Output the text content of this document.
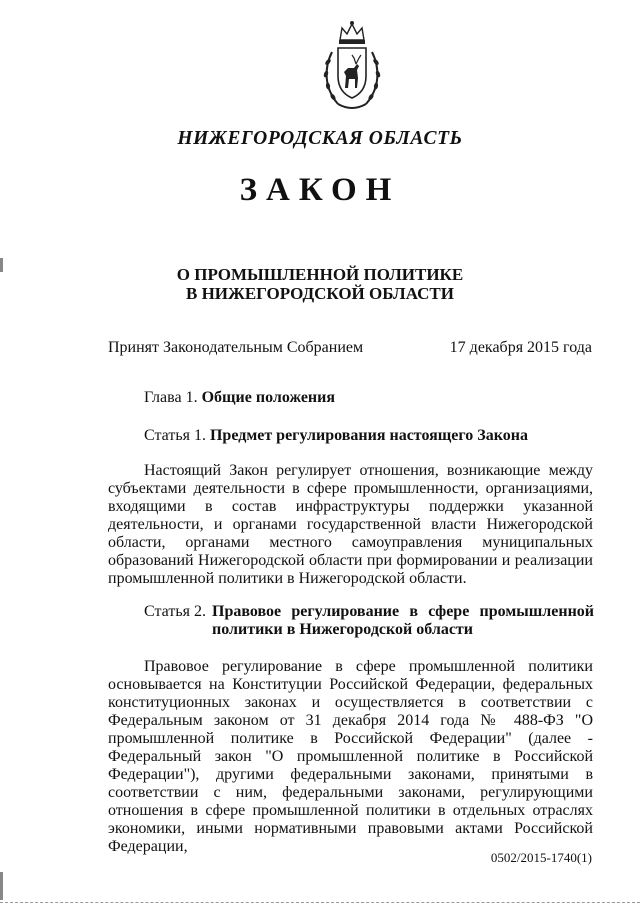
НИЖЕГОРОДСКАЯ ОБЛАСТЬ
ЗАКОН
О ПРОМЫШЛЕННОЙ ПОЛИТИКЕ
В НИЖЕГОРОДСКОЙ ОБЛАСТИ
Принят Законодательным Собранием	17 декабря 2015 года
Глава 1. Общие положения
Статья 1. Предмет регулирования настоящего Закона
Настоящий Закон регулирует отношения, возникающие между субъектами деятельности в сфере промышленности, организациями, входящими в состав инфраструктуры поддержки указанной деятельности, и органами государственной власти Нижегородской области, органами местного самоуправления муниципальных образований Нижегородской области при формировании и реализации промышленной политики в Нижегородской области.
Статья 2. Правовое регулирование в сфере промышленной политики в Нижегородской области
Правовое регулирование в сфере промышленной политики основывается на Конституции Российской Федерации, федеральных конституционных законах и осуществляется в соответствии с Федеральным законом от 31 декабря 2014 года № 488-ФЗ "О промышленной политике в Российской Федерации" (далее - Федеральный закон "О промышленной политике в Российской Федерации"), другими федеральными законами, принятыми в соответствии с ним, федеральными законами, регулирующими отношения в сфере промышленной политики в отдельных отраслях экономики, иными нормативными правовыми актами Российской Федерации,
0502/2015-1740(1)
